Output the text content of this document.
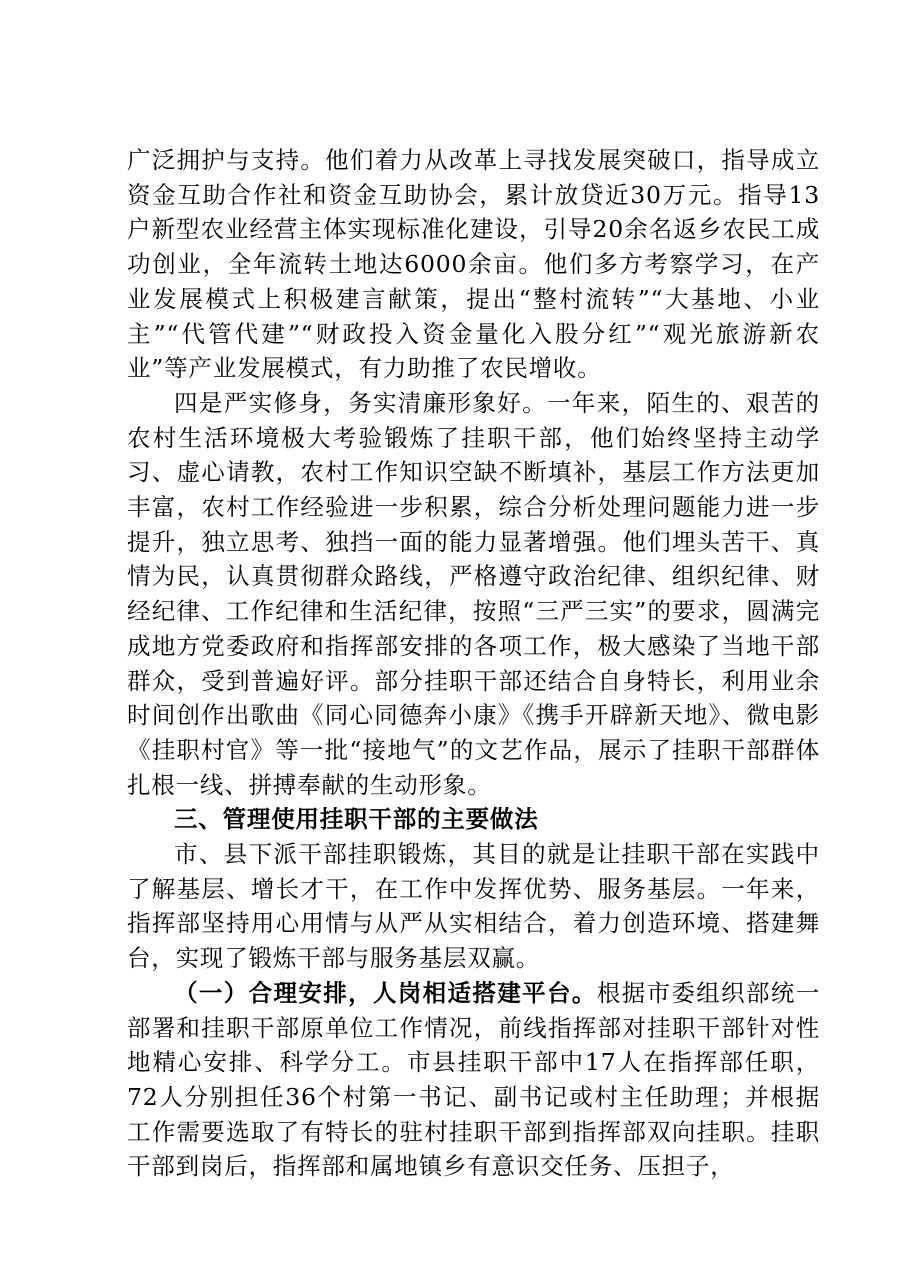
广泛拥护与支持。他们着力从改革上寻找发展突破口，指导成立资金互助合作社和资金互助协会，累计放贷近30万元。指导13户新型农业经营主体实现标准化建设，引导20余名返乡农民工成功创业，全年流转土地达6000余亩。他们多方考察学习，在产业发展模式上积极建言献策，提出“整村流转”“大基地、小业主”“代管代建”“财政投入资金量化入股分红”“观光旅游新农业”等产业发展模式，有力助推了农民增收。

四是严实修身，务实清廉形象好。一年来，陌生的、艰苦的农村生活环境极大考验锻炼了挂职干部，他们始终坚持主动学习、虚心请教，农村工作知识空缺不断填补，基层工作方法更加丰富，农村工作经验进一步积累，综合分析处理问题能力进一步提升，独立思考、独挡一面的能力显著增强。他们埋头苦干、真情为民，认真贯彻群众路线，严格遵守政治纪律、组织纪律、财经纪律、工作纪律和生活纪律，按照“三严三实”的要求，圆满完成地方党委政府和指挥部安排的各项工作，极大感染了当地干部群众，受到普遍好评。部分挂职干部还结合自身特长，利用业余时间创作出歌曲《同心同德奔小康》《携手开辟新天地》、微电影《挂职村官》等一批“接地气”的文艺作品，展示了挂职干部群体扎根一线、拼搏奉献的生动形象。

三、管理使用挂职干部的主要做法

市、县下派干部挂职锻炼，其目的就是让挂职干部在实践中了解基层、增长才干，在工作中发挥优势、服务基层。一年来，指挥部坚持用心用情与从严从实相结合，着力创造环境、搭建舞台，实现了锻炼干部与服务基层双赢。

（一）合理安排，人岗相适搭建平台。根据市委组织部统一部署和挂职干部原单位工作情况，前线指挥部对挂职干部针对性地精心安排、科学分工。市县挂职干部中17人在指挥部任职，72人分别担任36个村第一书记、副书记或村主任助理；并根据工作需要选取了有特长的驻村挂职干部到指挥部双向挂职。挂职干部到岗后，指挥部和属地镇乡有意识交任务、压担子，
